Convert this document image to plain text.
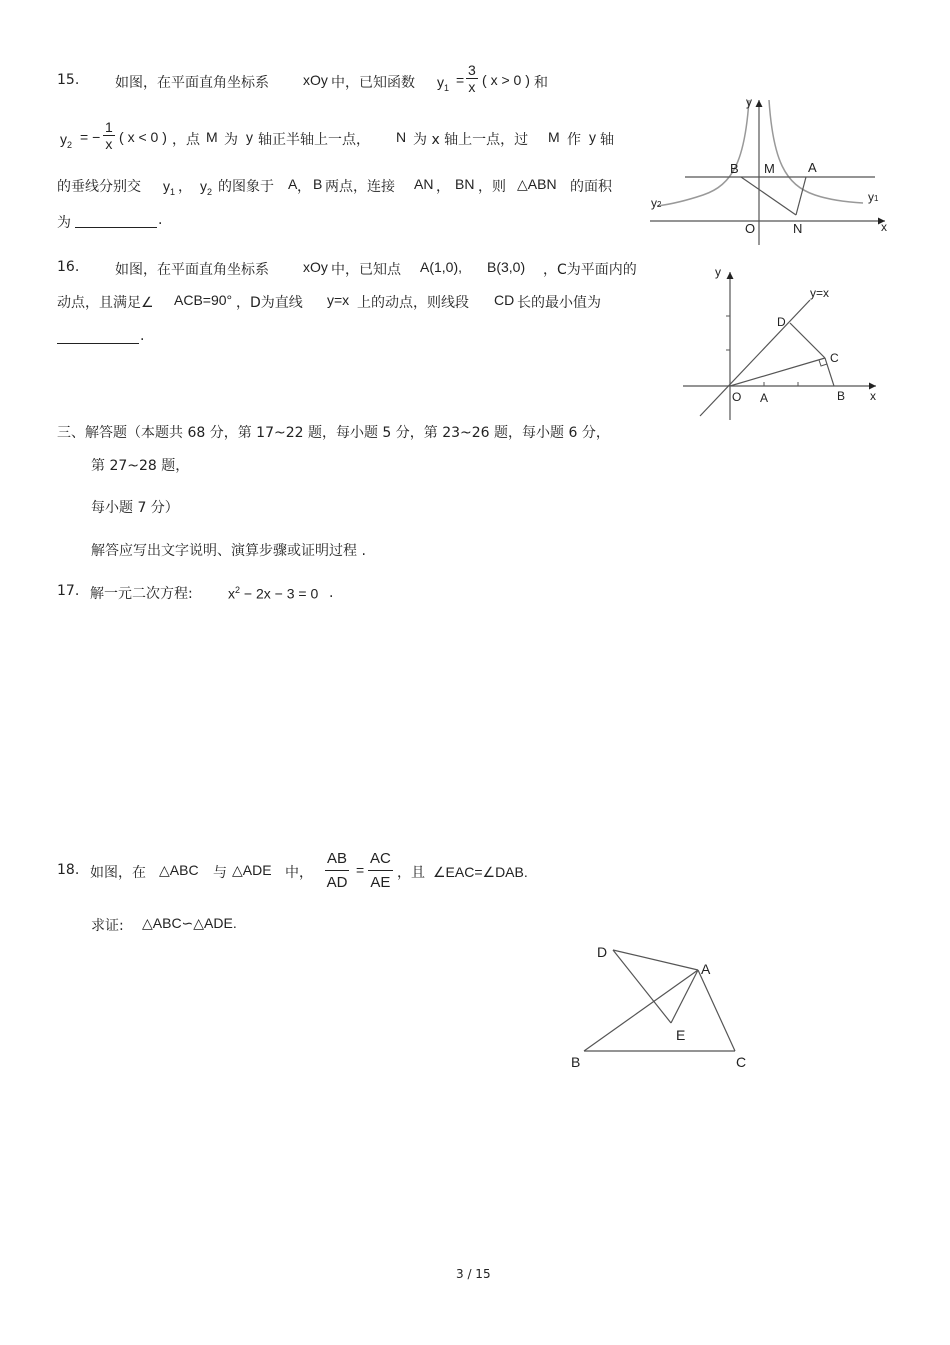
15.	如图，在平面直角坐标系 xOy 中，已知函数 $y_1 = \frac{3}{x}$ ( x > 0 ) 和
$y_2$ = − $\frac{1}{x}$ ( x < 0 ) ，点 M 为 y 轴正半轴上一点， N 为 x 轴上一点，过 M 作 y 轴
的垂线分别交 $y_1$ ， $y_2$ 的图象于 A ， B 两点，连接 AN ， BN ，则 △ABN 的面积
为	.
y
x
O	N
B M	A
y1
y2
16.	如图，在平面直角坐标系 xOy 中，已知点 A(1,0), B(3,0) ，C为平面内的
动点，且满足∠ ACB=90° ，D为直线 y=x 上的动点，则线段 CD 长的最小值为
.
y
x
O A	B
C
D
y=x
三、解答题（本题共 68 分，第 17~22 题，每小题 5 分，第 23~26 题，每小题 6 分，
第 27~28 题，
每小题 7 分）
解答应写出文字说明、演算步骤或证明过程 .
17. 解一元二次方程:	$x^2 - 2x - 3 = 0$ .
18. 如图，在 △ABC 与 △ADE 中， $\frac{AB}{AD} = \frac{AC}{AE}$ ，且 ∠EAC=∠DAB.
求证: △ABC∽△ADE.
D
A
E
B	C
3 / 15
